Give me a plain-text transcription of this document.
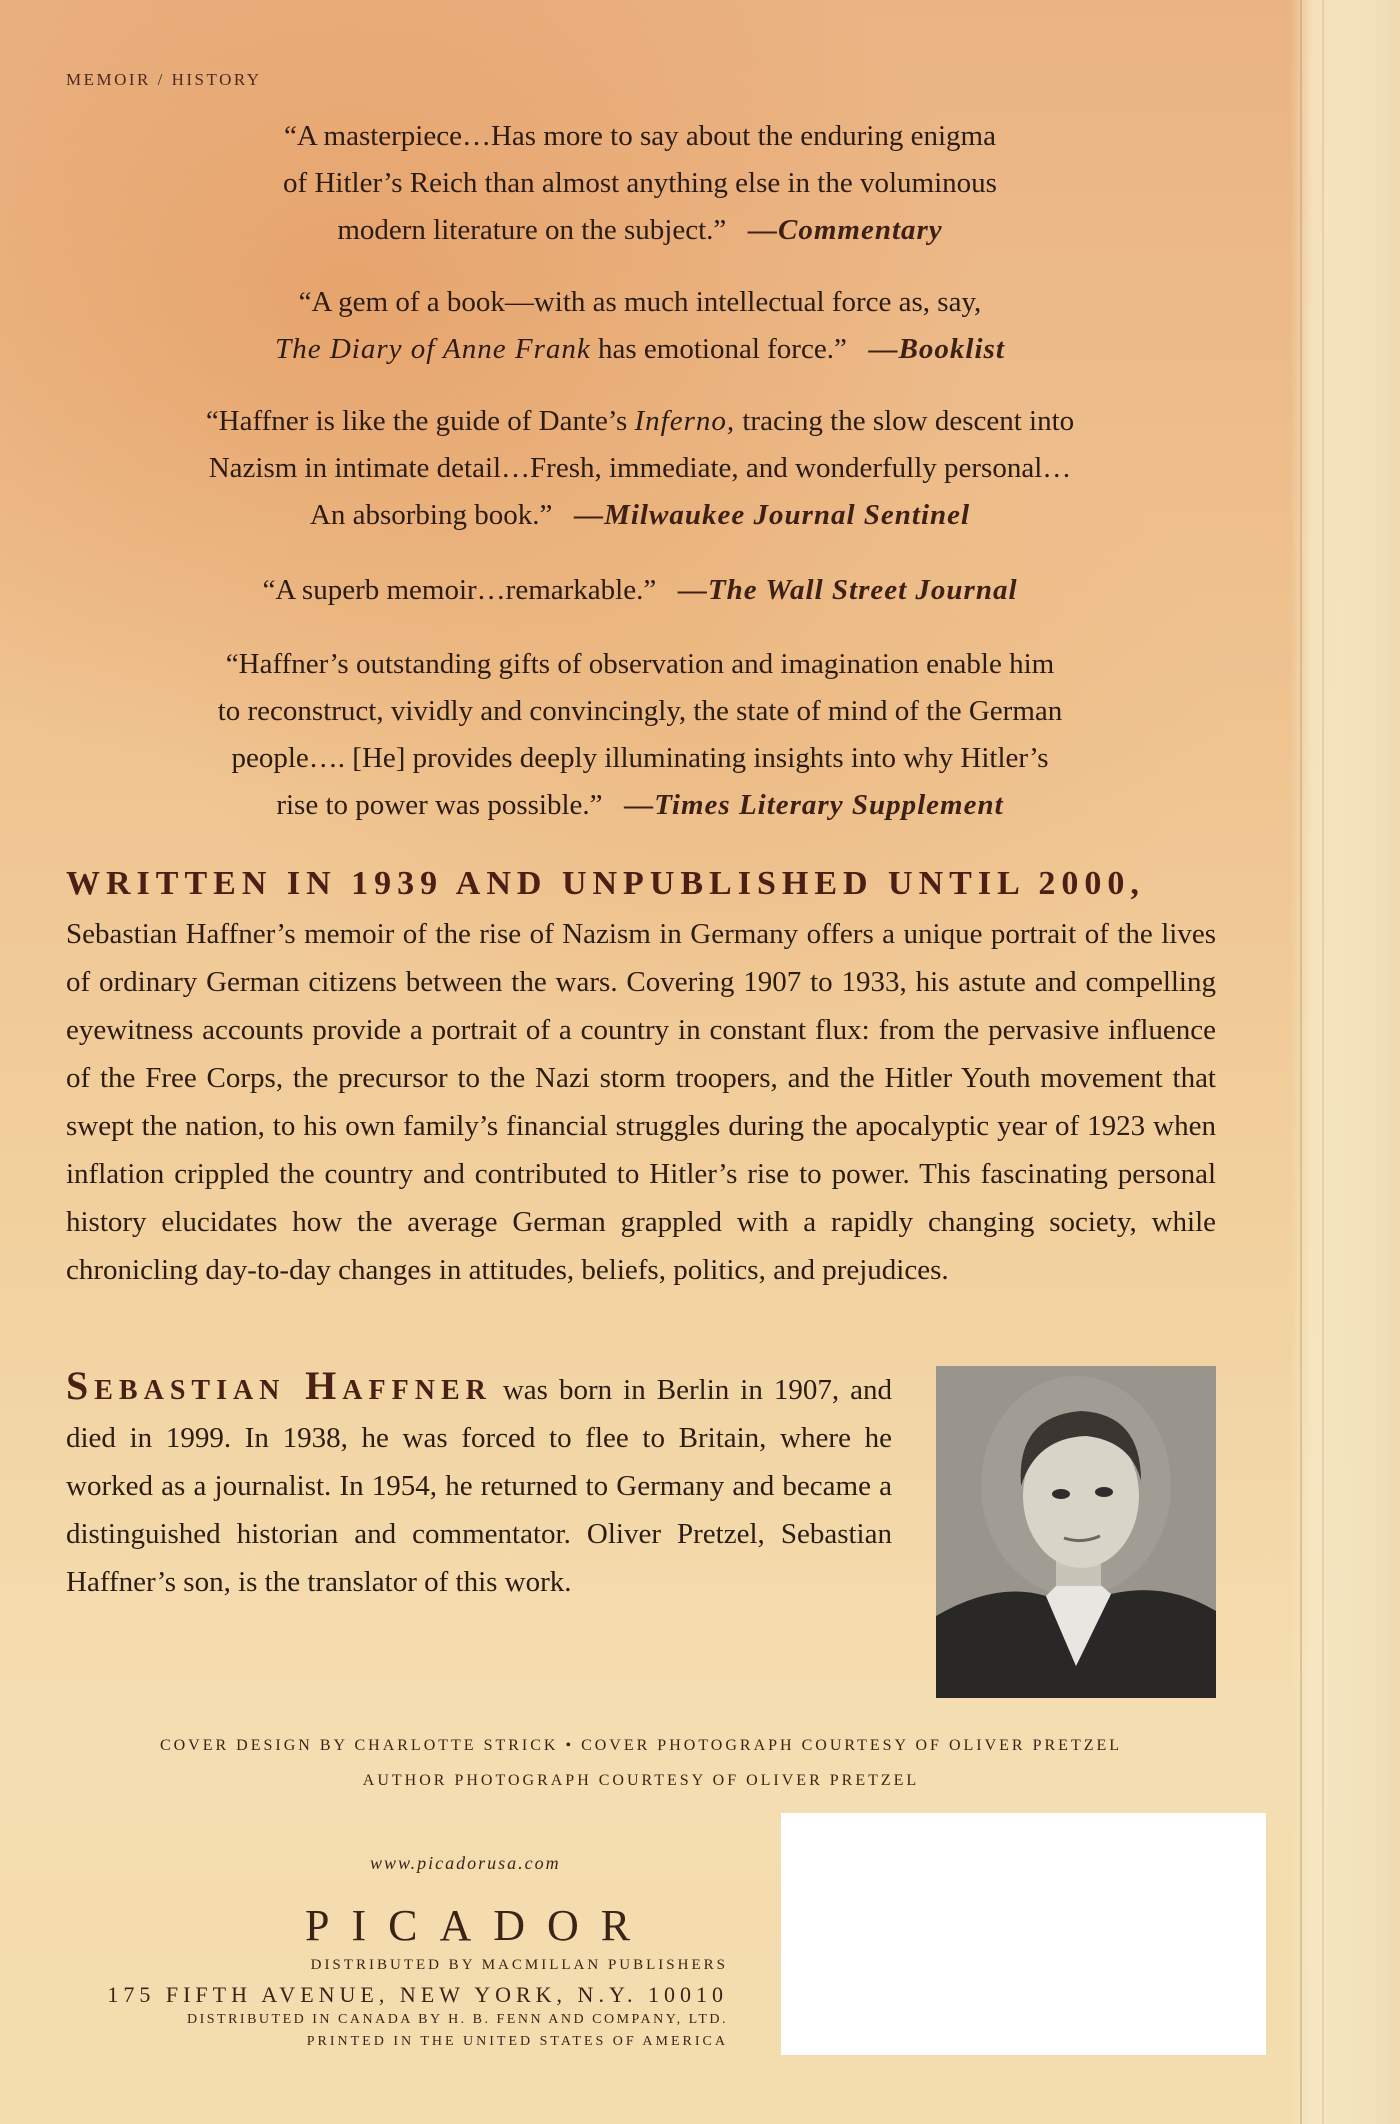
MEMOIR / HISTORY
“A masterpiece…Has more to say about the enduring enigma
of Hitler’s Reich than almost anything else in the voluminous
modern literature on the subject.” —Commentary
“A gem of a book—with as much intellectual force as, say,
The Diary of Anne Frank has emotional force.” —Booklist
“Haffner is like the guide of Dante’s Inferno, tracing the slow descent into
Nazism in intimate detail…Fresh, immediate, and wonderfully personal…
An absorbing book.” —Milwaukee Journal Sentinel
“A superb memoir…remarkable.” —The Wall Street Journal
“Haffner’s outstanding gifts of observation and imagination enable him
to reconstruct, vividly and convincingly, the state of mind of the German
people…. [He] provides deeply illuminating insights into why Hitler’s
rise to power was possible.” —Times Literary Supplement
WRITTEN IN 1939 AND UNPUBLISHED UNTIL 2000,
Sebastian Haffner’s memoir of the rise of Nazism in Germany offers a unique portrait of the lives of ordinary German citizens between the wars. Covering 1907 to 1933, his astute and compelling eyewitness accounts provide a portrait of a country in constant flux: from the pervasive influence of the Free Corps, the precursor to the Nazi storm troopers, and the Hitler Youth movement that swept the nation, to his own family’s financial struggles during the apocalyptic year of 1923 when inflation crippled the country and contributed to Hitler’s rise to power. This fascinating personal history elucidates how the average German grappled with a rapidly changing society, while chronicling day-to-day changes in attitudes, beliefs, politics, and prejudices.
Sebastian Haffner was born in Berlin in 1907, and died in 1999. In 1938, he was forced to flee to Britain, where he worked as a journalist. In 1954, he returned to Germany and became a distinguished historian and commentator. Oliver Pretzel, Sebastian Haffner’s son, is the translator of this work.
COVER DESIGN BY CHARLOTTE STRICK • COVER PHOTOGRAPH COURTESY OF OLIVER PRETZEL
AUTHOR PHOTOGRAPH COURTESY OF OLIVER PRETZEL
www.picadorusa.com
PICADOR
DISTRIBUTED BY MACMILLAN PUBLISHERS
175 FIFTH AVENUE, NEW YORK, N.Y. 10010
DISTRIBUTED IN CANADA BY H. B. FENN AND COMPANY, LTD.
PRINTED IN THE UNITED STATES OF AMERICA
